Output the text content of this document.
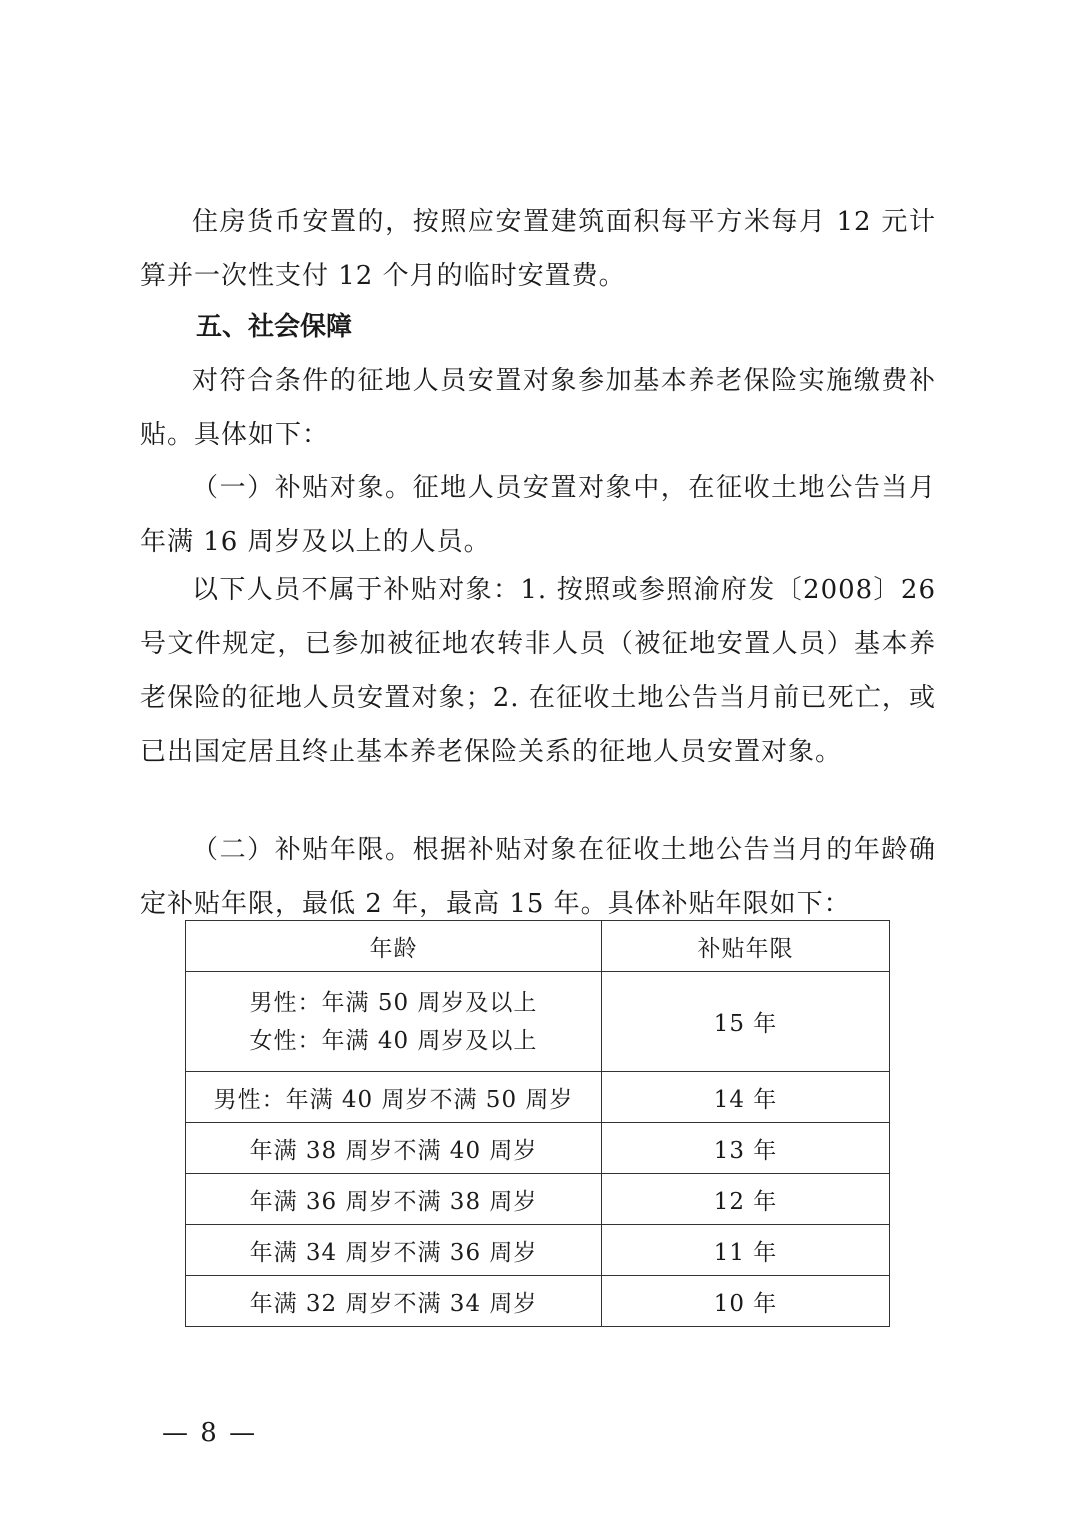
住房货币安置的，按照应安置建筑面积每平方米每月 12 元计算并一次性支付 12 个月的临时安置费。

五、社会保障

对符合条件的征地人员安置对象参加基本养老保险实施缴费补贴。具体如下：

（一）补贴对象。征地人员安置对象中，在征收土地公告当月年满 16 周岁及以上的人员。

以下人员不属于补贴对象：1. 按照或参照渝府发〔2008〕26 号文件规定，已参加被征地农转非人员（被征地安置人员）基本养老保险的征地人员安置对象；2. 在征收土地公告当月前已死亡，或已出国定居且终止基本养老保险关系的征地人员安置对象。

（二）补贴年限。根据补贴对象在征收土地公告当月的年龄确定补贴年限，最低 2 年，最高 15 年。具体补贴年限如下：

年龄	补贴年限

男性：年满 50 周岁及以上
女性：年满 40 周岁及以上	15 年
男性：年满 40 周岁不满 50 周岁	14 年
年满 38 周岁不满 40 周岁	13 年
年满 36 周岁不满 38 周岁	12 年
年满 34 周岁不满 36 周岁	11 年
年满 32 周岁不满 34 周岁	10 年
— 8 —
